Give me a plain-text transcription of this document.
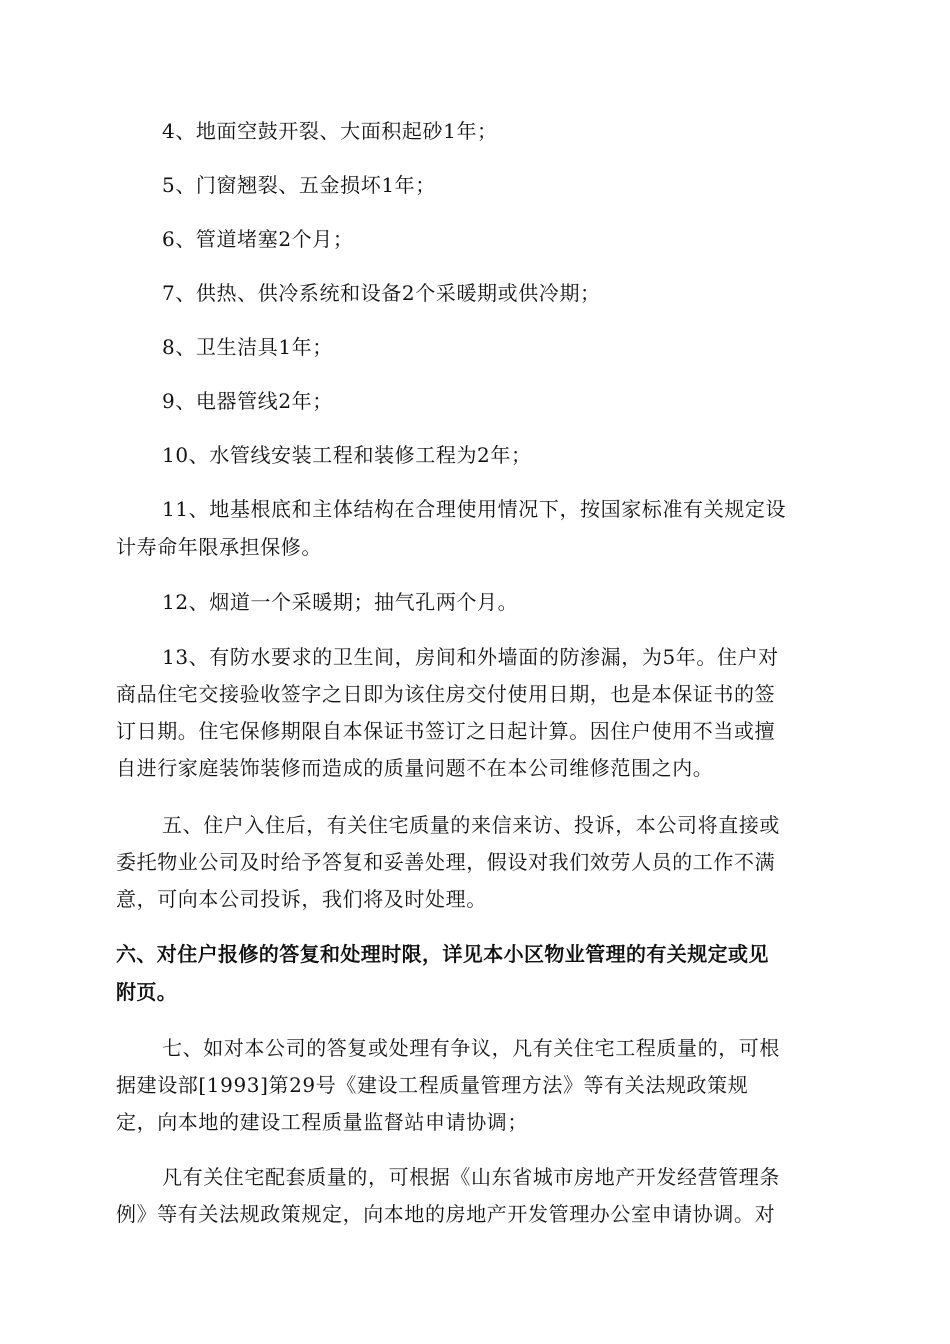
4、地面空鼓开裂、大面积起砂1年；
5、门窗翘裂、五金损坏1年；
6、管道堵塞2个月；
7、供热、供冷系统和设备2个采暖期或供冷期；
8、卫生洁具1年；
9、电器管线2年；
10、水管线安装工程和装修工程为2年；
11、地基根底和主体结构在合理使用情况下，按国家标准有关规定设
计寿命年限承担保修。
12、烟道一个采暖期；抽气孔两个月。
13、有防水要求的卫生间，房间和外墙面的防渗漏，为5年。住户对
商品住宅交接验收签字之日即为该住房交付使用日期，也是本保证书的签
订日期。住宅保修期限自本保证书签订之日起计算。因住户使用不当或擅
自进行家庭装饰装修而造成的质量问题不在本公司维修范围之内。
五、住户入住后，有关住宅质量的来信来访、投诉，本公司将直接或
委托物业公司及时给予答复和妥善处理，假设对我们效劳人员的工作不满
意，可向本公司投诉，我们将及时处理。
六、对住户报修的答复和处理时限，详见本小区物业管理的有关规定或见
附页。
七、如对本公司的答复或处理有争议，凡有关住宅工程质量的，可根
据建设部[1993]第29号《建设工程质量管理方法》等有关法规政策规
定，向本地的建设工程质量监督站申请协调；
凡有关住宅配套质量的，可根据《山东省城市房地产开发经营管理条
例》等有关法规政策规定，向本地的房地产开发管理办公室申请协调。对
